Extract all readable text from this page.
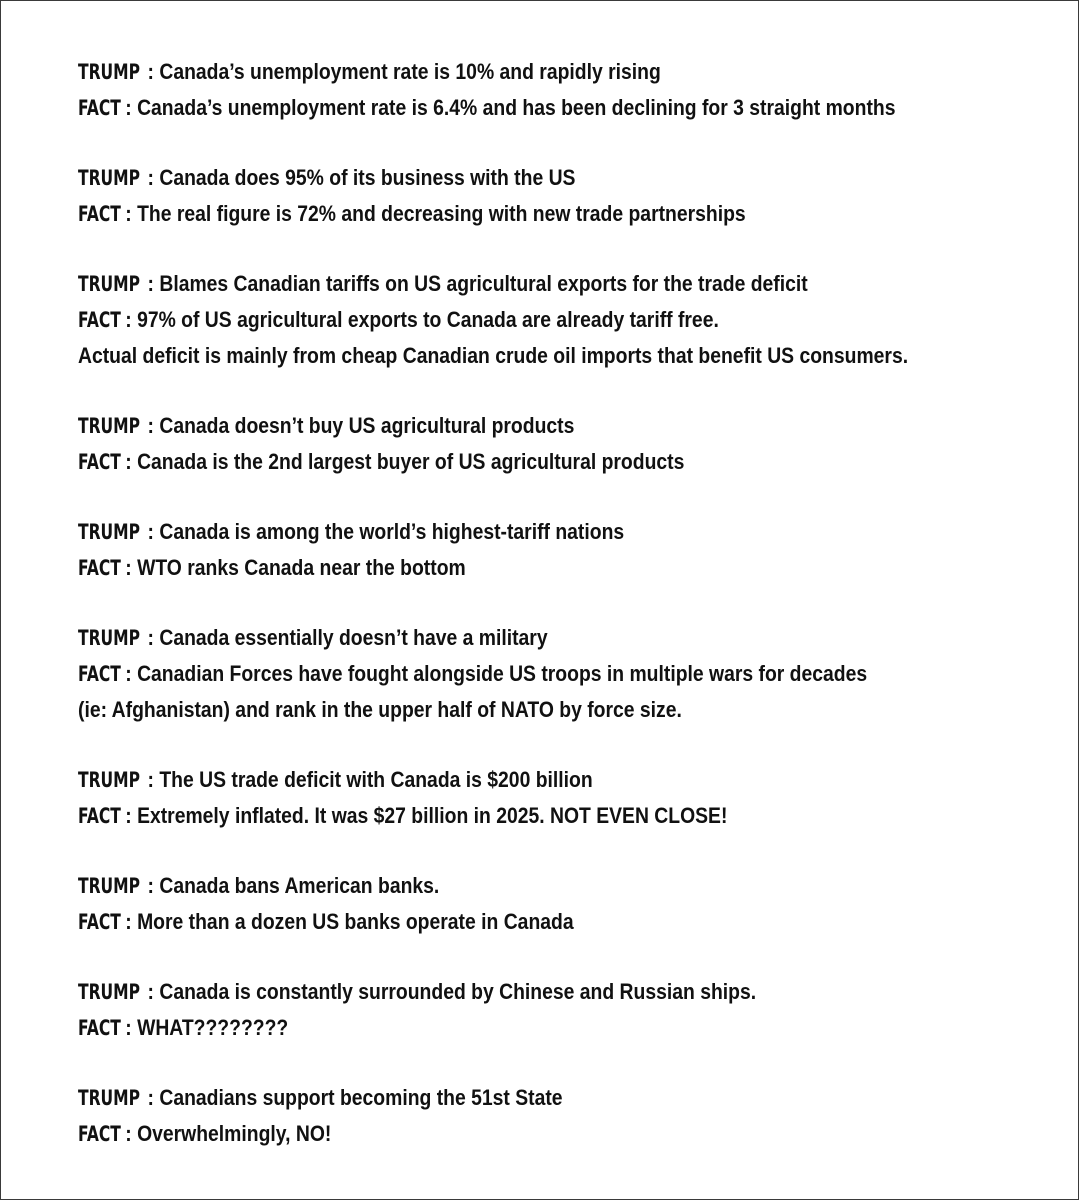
TRUMP : Canada’s unemployment rate is 10% and rapidly rising
FACT : Canada’s unemployment rate is 6.4% and has been declining for 3 straight months
TRUMP : Canada does 95% of its business with the US
FACT : The real figure is 72% and decreasing with new trade partnerships
TRUMP : Blames Canadian tariffs on US agricultural exports for the trade deficit
FACT : 97% of US agricultural exports to Canada are already tariff free.
Actual deficit is mainly from cheap Canadian crude oil imports that benefit US consumers.
TRUMP : Canada doesn’t buy US agricultural products
FACT : Canada is the 2nd largest buyer of US agricultural products
TRUMP : Canada is among the world’s highest-tariff nations
FACT : WTO ranks Canada near the bottom
TRUMP : Canada essentially doesn’t have a military
FACT : Canadian Forces have fought alongside US troops in multiple wars for decades
(ie: Afghanistan) and rank in the upper half of NATO by force size.
TRUMP : The US trade deficit with Canada is $200 billion
FACT : Extremely inflated. It was $27 billion in 2025. NOT EVEN CLOSE!
TRUMP : Canada bans American banks.
FACT : More than a dozen US banks operate in Canada
TRUMP : Canada is constantly surrounded by Chinese and Russian ships.
FACT : WHAT????????
TRUMP : Canadians support becoming the 51st State
FACT : Overwhelmingly, NO!
